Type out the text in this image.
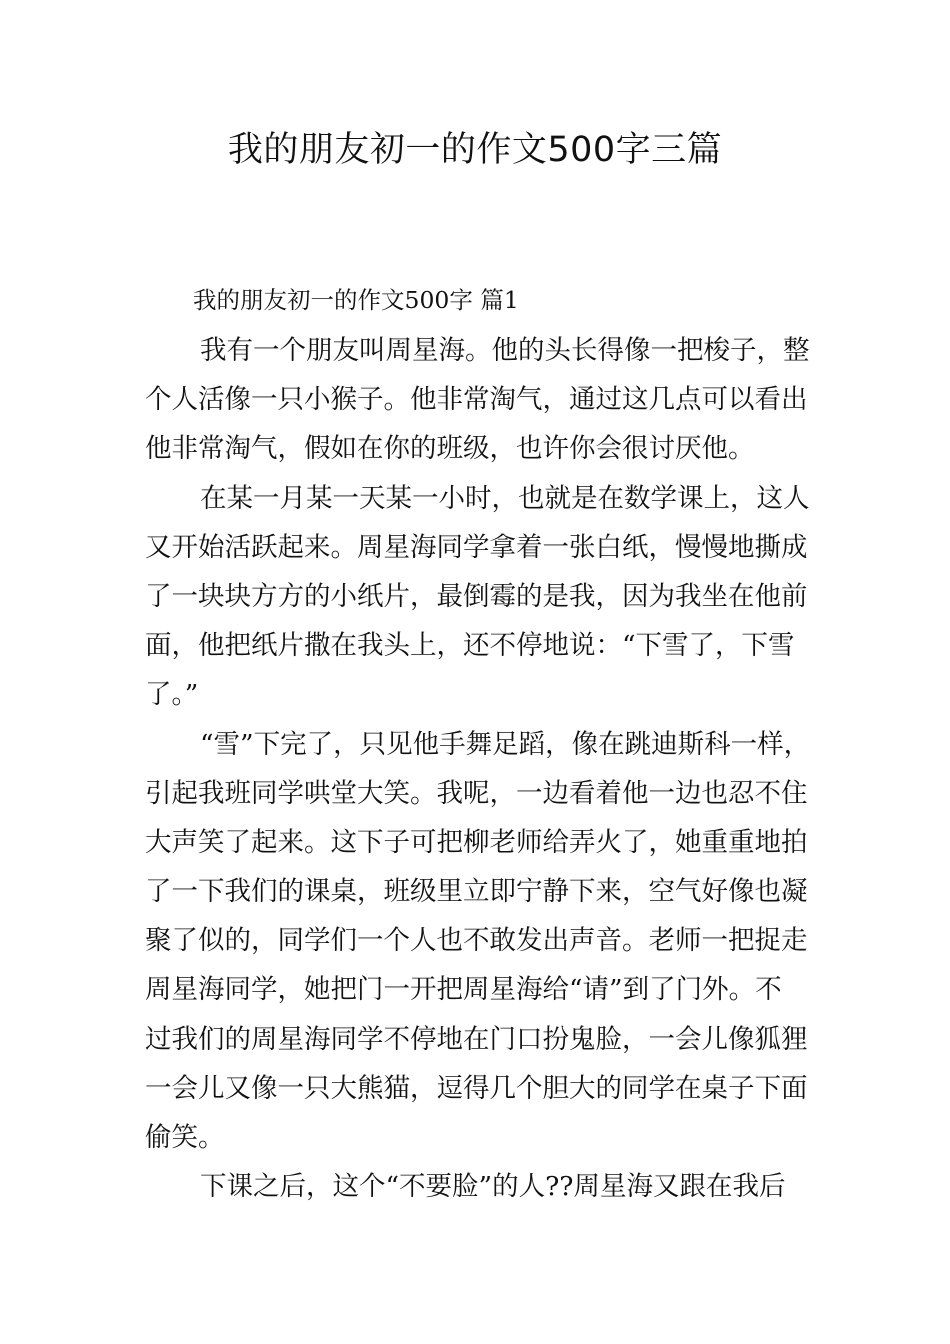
我的朋友初一的作文500字三篇
我的朋友初一的作文500字 篇1
我有一个朋友叫周星海。他的头长得像一把梭子，整
个人活像一只小猴子。他非常淘气，通过这几点可以看出
他非常淘气，假如在你的班级，也许你会很讨厌他。
在某一月某一天某一小时，也就是在数学课上，这人
又开始活跃起来。周星海同学拿着一张白纸，慢慢地撕成
了一块块方方的小纸片，最倒霉的是我，因为我坐在他前
面，他把纸片撒在我头上，还不停地说：“下雪了，下雪
了。”
“雪”下完了，只见他手舞足蹈，像在跳迪斯科一样，
引起我班同学哄堂大笑。我呢，一边看着他一边也忍不住
大声笑了起来。这下子可把柳老师给弄火了，她重重地拍
了一下我们的课桌，班级里立即宁静下来，空气好像也凝
聚了似的，同学们一个人也不敢发出声音。老师一把捉走
周星海同学，她把门一开把周星海给“请”到了门外。不
过我们的周星海同学不停地在门口扮鬼脸，一会儿像狐狸
一会儿又像一只大熊猫，逗得几个胆大的同学在桌子下面
偷笑。
下课之后，这个“不要脸”的人??周星海又跟在我后
